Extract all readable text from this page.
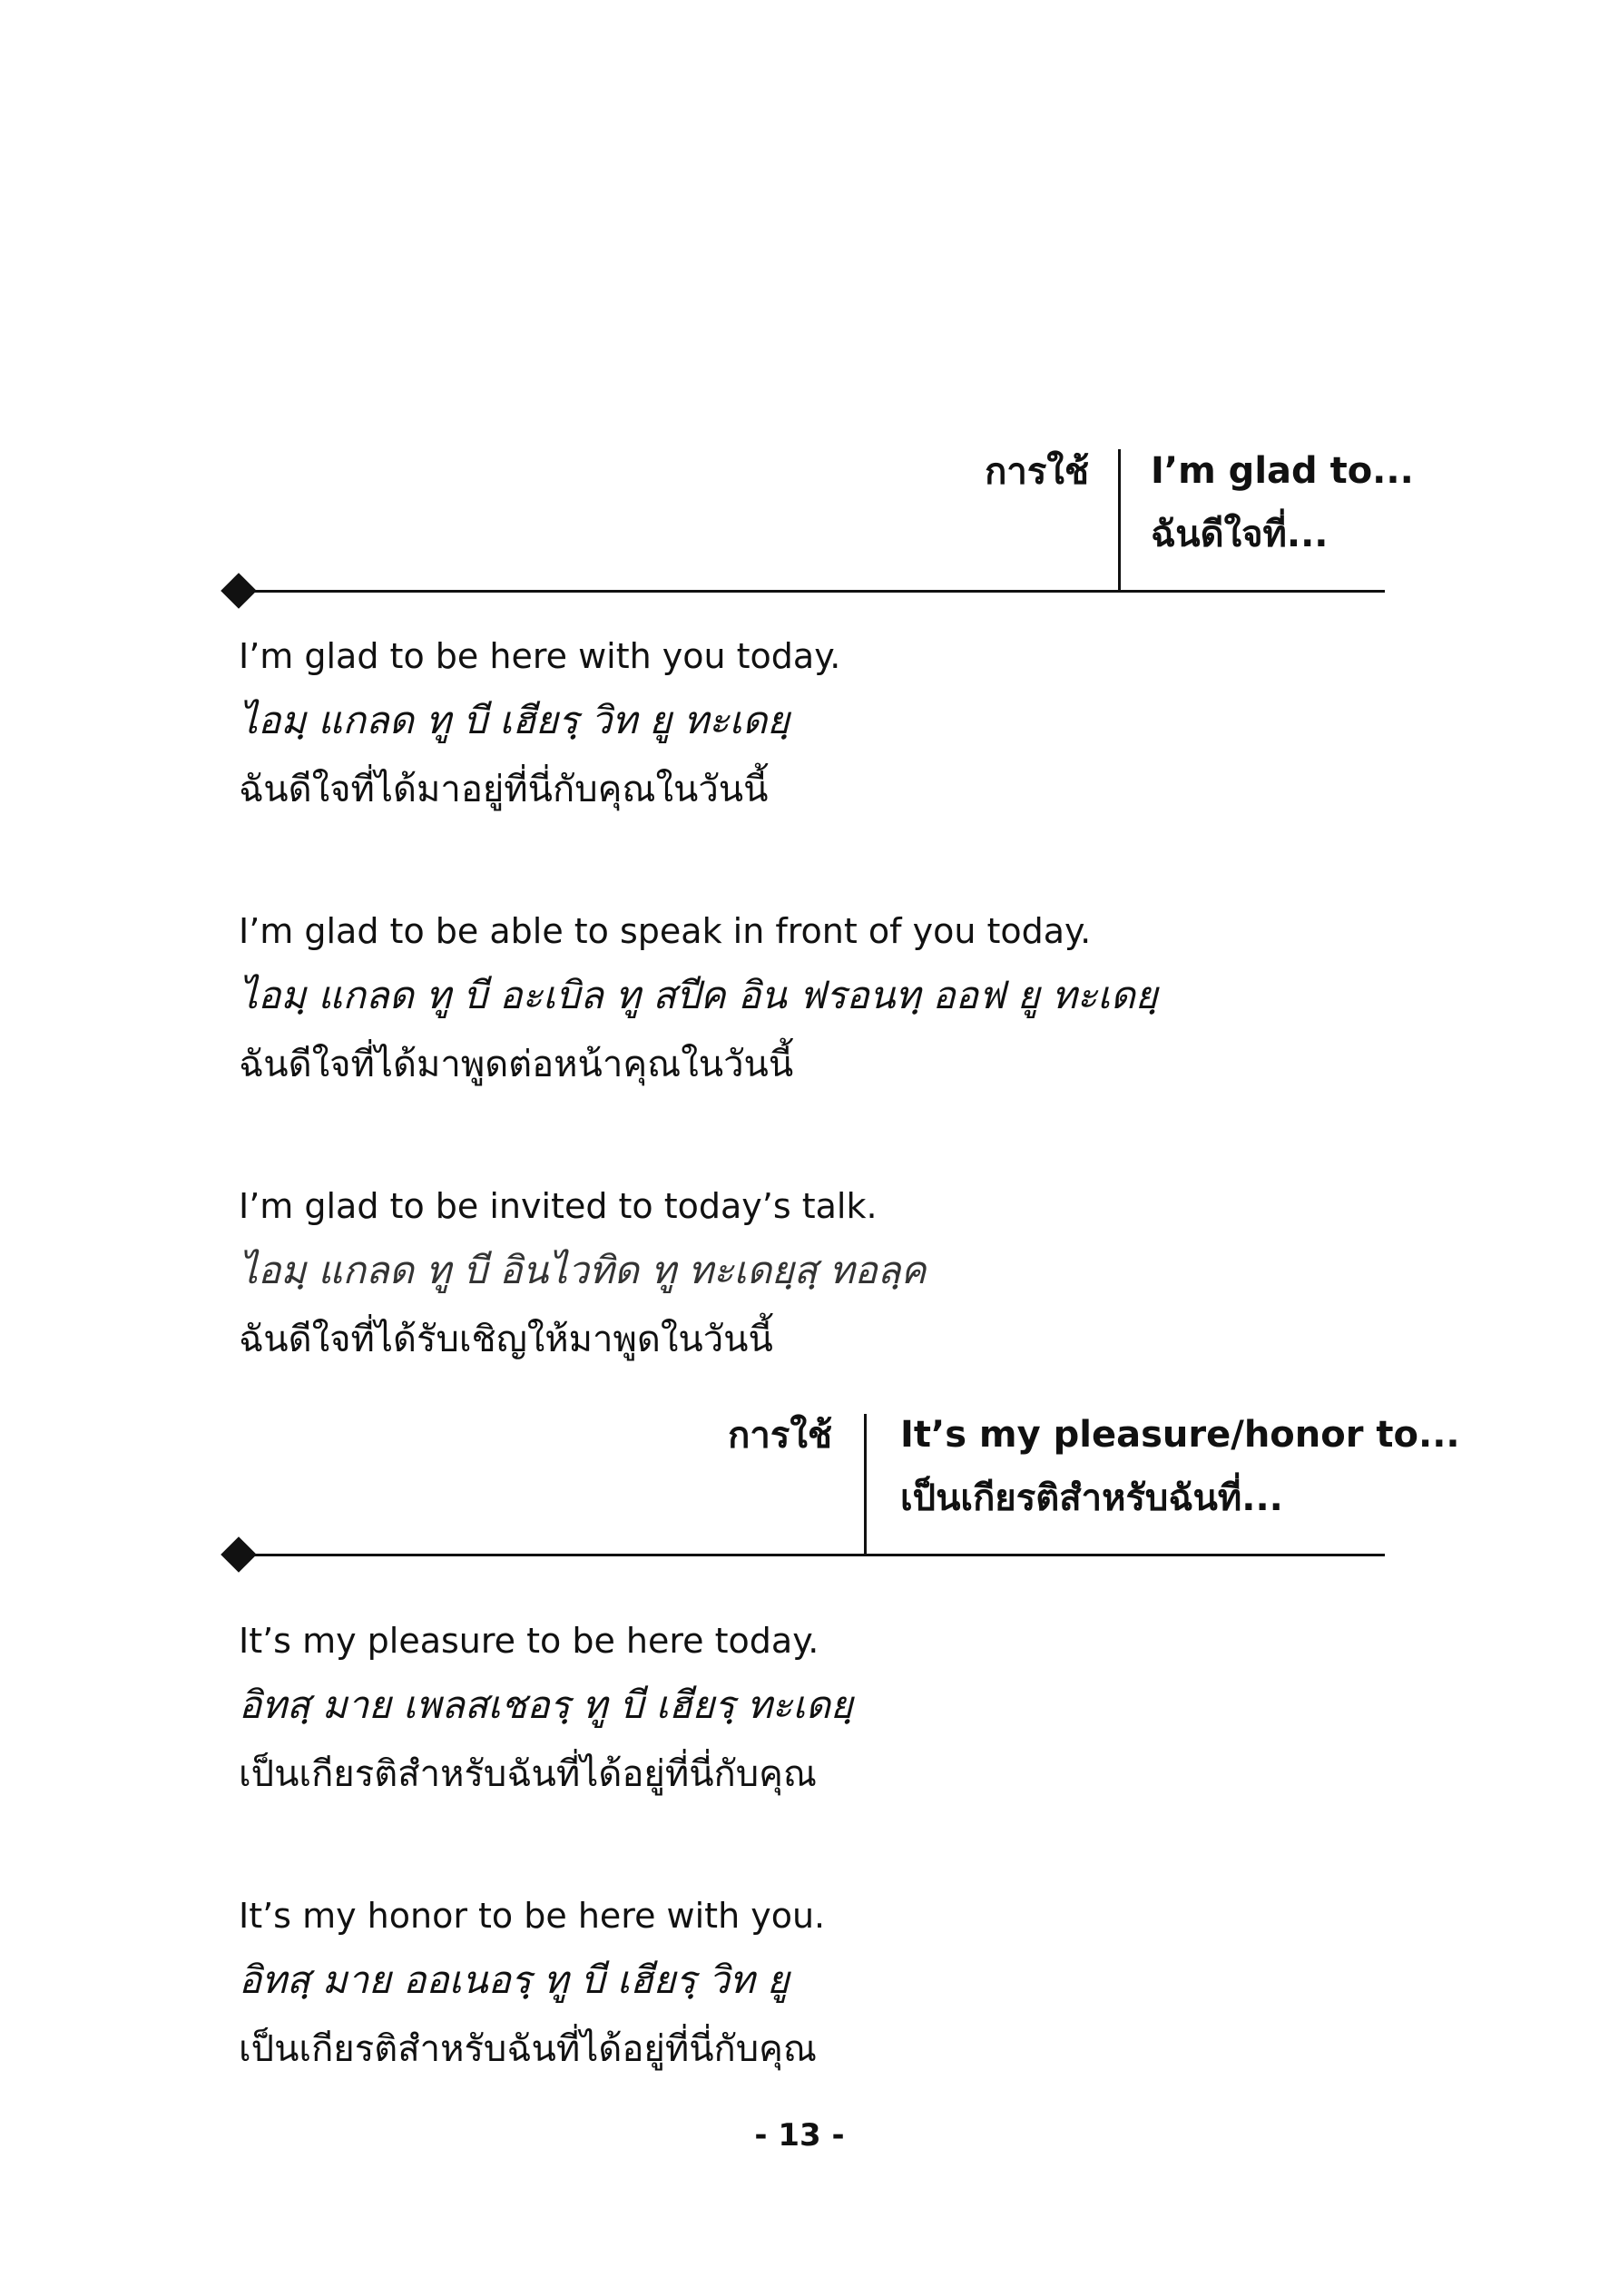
การใช้ I’m glad to...
ฉันดีใจที่...
I’m glad to be here with you today.
ไอมฺ แกลด ทู บี เฮียรฺ วิท ยู ทะเดยฺ
ฉันดีใจที่ได้มาอยู่ที่นี่กับคุณในวันนี้
I’m glad to be able to speak in front of you today.
ไอมฺ แกลด ทู บี อะเบิล ทู สปีค อิน ฟรอนทฺ ออฟ ยู ทะเดยฺ
ฉันดีใจที่ได้มาพูดต่อหน้าคุณในวันนี้
I’m glad to be invited to today’s talk.
ไอมฺ แกลด ทู บี อินไวทิด ทู ทะเดยฺสฺ ทอลฺค
ฉันดีใจที่ได้รับเชิญให้มาพูดในวันนี้
การใช้ It’s my pleasure/honor to...
เป็นเกียรติสำหรับฉันที่...
It’s my pleasure to be here today.
อิทสฺ มาย เพลสเชอรฺ ทู บี เฮียรฺ ทะเดยฺ
เป็นเกียรติสำหรับฉันที่ได้อยู่ที่นี่กับคุณ
It’s my honor to be here with you.
อิทสฺ มาย ออเนอรฺ ทู บี เฮียรฺ วิท ยู
เป็นเกียรติสำหรับฉันที่ได้อยู่ที่นี่กับคุณ
- 13 -
